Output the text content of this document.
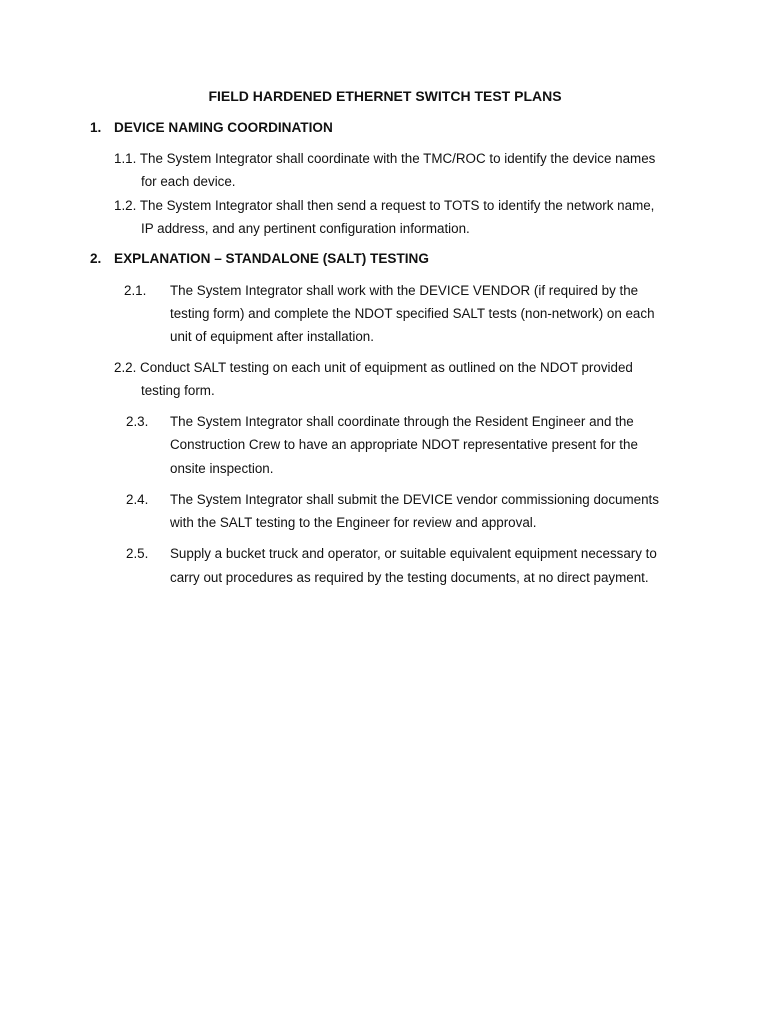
FIELD HARDENED ETHERNET SWITCH TEST PLANS
1. DEVICE NAMING COORDINATION
1.1. The System Integrator shall coordinate with the TMC/ROC to identify the device names
for each device.
1.2. The System Integrator shall then send a request to TOTS to identify the network name,
IP address, and any pertinent configuration information.
2. EXPLANATION – STANDALONE (SALT) TESTING
2.1. The System Integrator shall work with the DEVICE VENDOR (if required by the
testing form) and complete the NDOT specified SALT tests (non-network) on each
unit of equipment after installation.
2.2. Conduct SALT testing on each unit of equipment as outlined on the NDOT provided
testing form.
2.3. The System Integrator shall coordinate through the Resident Engineer and the
Construction Crew to have an appropriate NDOT representative present for the
onsite inspection.
2.4. The System Integrator shall submit the DEVICE vendor commissioning documents
with the SALT testing to the Engineer for review and approval.
2.5. Supply a bucket truck and operator, or suitable equivalent equipment necessary to
carry out procedures as required by the testing documents, at no direct payment.
